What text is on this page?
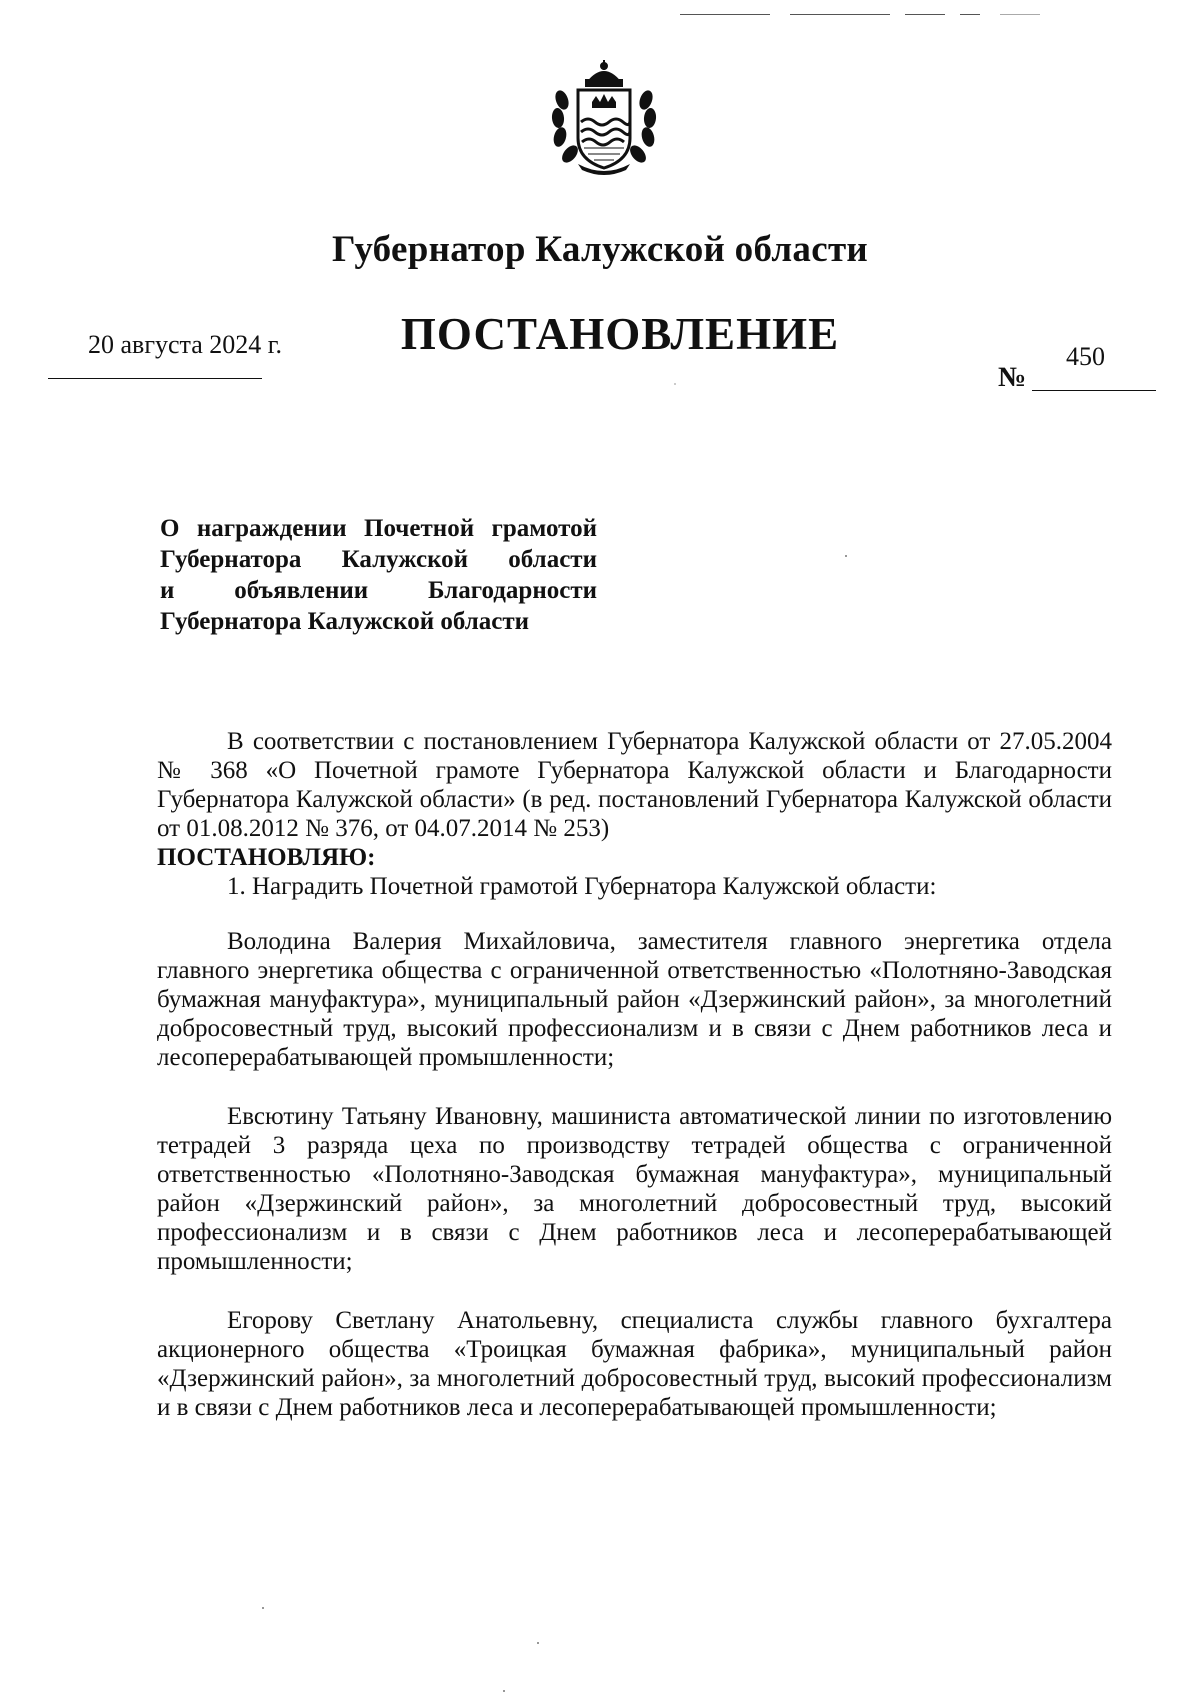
Губернатор Калужской области
20 августа 2024 г.	ПОСТАНОВЛЕНИЕ	450
№
О награждении Почетной грамотой
Губернатора Калужской области
и объявлении Благодарности
Губернатора Калужской области

В соответствии с постановлением Губернатора Калужской области от 27.05.2004 № 368 «О Почетной грамоте Губернатора Калужской области и Благодарности Губернатора Калужской области» (в ред. постановлений Губернатора Калужской области от 01.08.2012 № 376, от 04.07.2014 № 253)

ПОСТАНОВЛЯЮ:

1. Наградить Почетной грамотой Губернатора Калужской области:

Володина Валерия Михайловича, заместителя главного энергетика отдела главного энергетика общества с ограниченной ответственностью «Полотняно-Заводская бумажная мануфактура», муниципальный район «Дзержинский район», за многолетний добросовестный труд, высокий профессионализм и в связи с Днем работников леса и лесоперерабатывающей промышленности;

Евсютину Татьяну Ивановну, машиниста автоматической линии по изготовлению тетрадей 3 разряда цеха по производству тетрадей общества с ограниченной ответственностью «Полотняно-Заводская бумажная мануфактура», муниципальный район «Дзержинский район», за многолетний добросовестный труд, высокий профессионализм и в связи с Днем работников леса и лесоперерабатывающей промышленности;

Егорову Светлану Анатольевну, специалиста службы главного бухгалтера акционерного общества «Троицкая бумажная фабрика», муниципальный район «Дзержинский район», за многолетний добросовестный труд, высокий профессионализм и в связи с Днем работников леса и лесоперерабатывающей промышленности;
